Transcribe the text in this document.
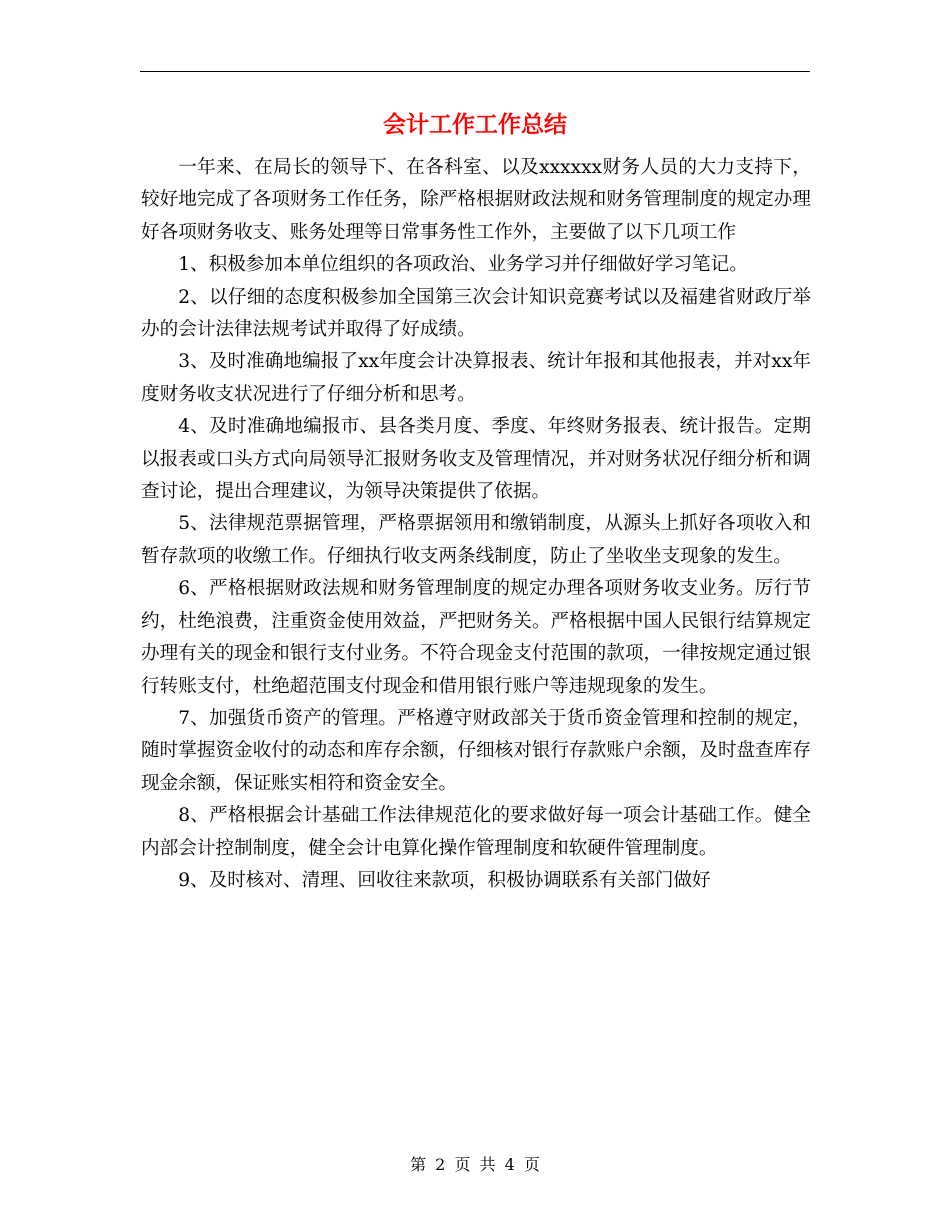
会计工作工作总结

一年来、在局长的领导下、在各科室、以及xxxxxx财务人员的大力支持下，较好地完成了各项财务工作任务，除严格根据财政法规和财务管理制度的规定办理好各项财务收支、账务处理等日常事务性工作外，主要做了以下几项工作

1、积极参加本单位组织的各项政治、业务学习并仔细做好学习笔记。

2、以仔细的态度积极参加全国第三次会计知识竞赛考试以及福建省财政厅举办的会计法律法规考试并取得了好成绩。

3、及时准确地编报了xx年度会计决算报表、统计年报和其他报表，并对xx年度财务收支状况进行了仔细分析和思考。

4、及时准确地编报市、县各类月度、季度、年终财务报表、统计报告。定期以报表或口头方式向局领导汇报财务收支及管理情况，并对财务状况仔细分析和调查讨论，提出合理建议，为领导决策提供了依据。

5、法律规范票据管理，严格票据领用和缴销制度，从源头上抓好各项收入和暂存款项的收缴工作。仔细执行收支两条线制度，防止了坐收坐支现象的发生。

6、严格根据财政法规和财务管理制度的规定办理各项财务收支业务。厉行节约，杜绝浪费，注重资金使用效益，严把财务关。严格根据中国人民银行结算规定办理有关的现金和银行支付业务。不符合现金支付范围的款项，一律按规定通过银行转账支付，杜绝超范围支付现金和借用银行账户等违规现象的发生。

7、加强货币资产的管理。严格遵守财政部关于货币资金管理和控制的规定，随时掌握资金收付的动态和库存余额，仔细核对银行存款账户余额，及时盘查库存现金余额，保证账实相符和资金安全。

8、严格根据会计基础工作法律规范化的要求做好每一项会计基础工作。健全内部会计控制制度，健全会计电算化操作管理制度和软硬件管理制度。

9、及时核对、清理、回收往来款项，积极协调联系有关部门做好

第 2 页 共 4 页
